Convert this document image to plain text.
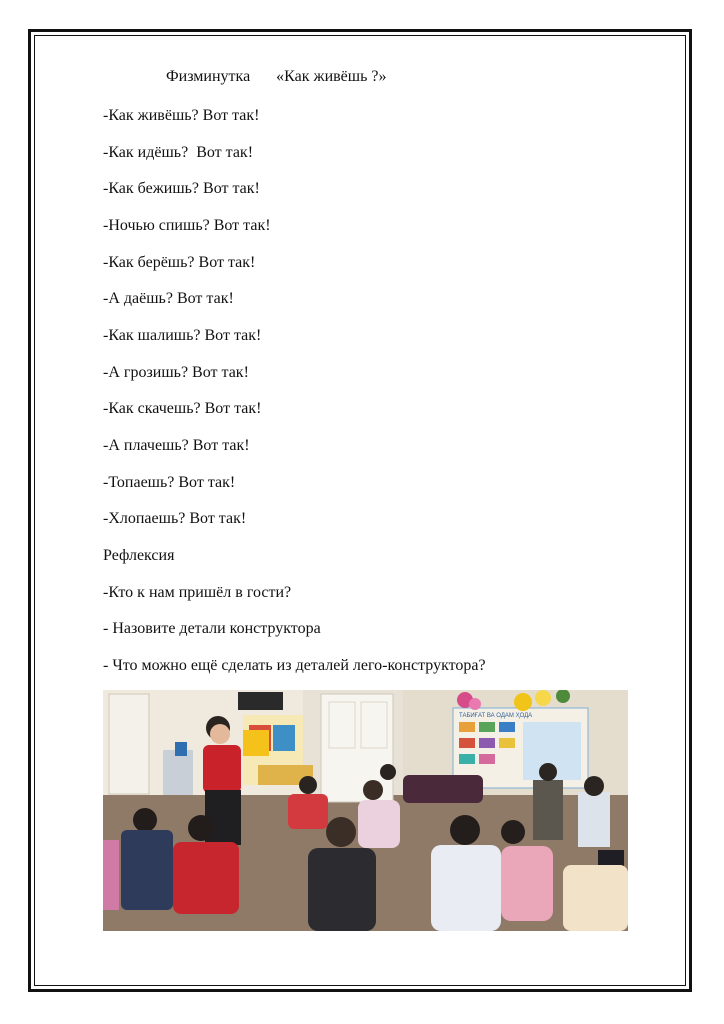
Физминутка «Как живёшь ?»
-Как живёшь? Вот так!
-Как идёшь?  Вот так!
-Как бежишь? Вот так!
-Ночью спишь? Вот так!
-Как берёшь? Вот так!
-А даёшь? Вот так!
-Как шалишь? Вот так!
-А грозишь? Вот так!
-Как скачешь? Вот так!
-А плачешь? Вот так!
-Топаешь? Вот так!
-Хлопаешь? Вот так!
Рефлексия
-Кто к нам пришёл в гости?
- Назовите детали конструктора
- Что можно ещё сделать из деталей лего-конструктора?
ТАБИҒАТ ВА ОДАМ ҲОДА
